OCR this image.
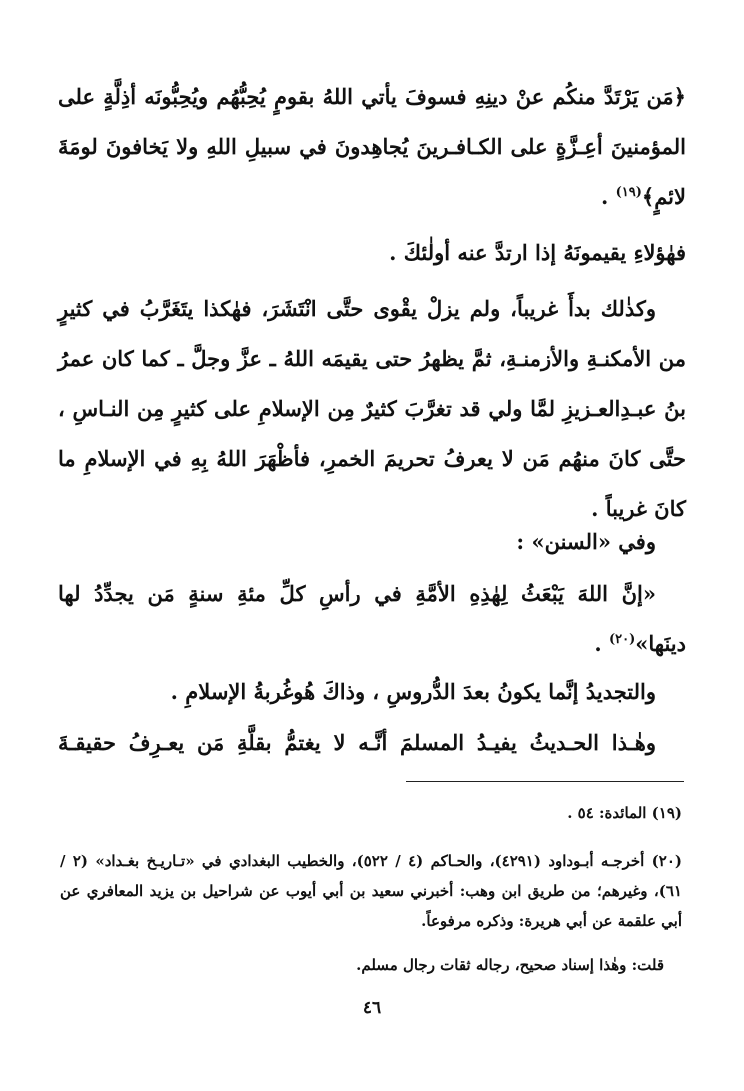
﴿مَن يَرْتَدَّ منكُم عنْ دينِهِ فسوفَ يأتي اللهُ بقومٍ يُحِبُّهُم ويُحِبُّونَه أذِلَّةٍ على المؤمنينَ أعِـزَّةٍ على الكـافـرينَ يُجاهِدونَ في سبيلِ اللهِ ولا يَخافونَ لومَةَ لائمٍ﴾$^{(١٩)}$ .
فهٰؤلاءِ يقيمونَهُ إذا ارتدَّ عنه أولٰئكَ .
وكذٰلك بدأَ غريباً، ولم يزلْ يقْوى حتَّى انْتَشَرَ، فهٰكذا يتَغَرَّبُ في كثيرٍ من الأمكنـةِ والأزمنـةِ، ثمَّ يظهرُ حتى يقيمَه اللهُ ـ عزَّ وجلَّ ـ كما كان عمرُ بنُ عبـدِالعـزيزِ لمَّا ولي قد تغرَّبَ كثيرٌ مِن الإسلامِ على كثيرٍ مِن النـاسِ ، حتَّى كانَ منهُم مَن لا يعرفُ تحريمَ الخمرِ، فأظْهَرَ اللهُ بِهِ في الإسلامِ ما كانَ غريباً .
وفي «السنن» :
«إنَّ اللهَ يَبْعَثُ لِهٰذِهِ الأمَّةِ في رأسِ كلِّ مئةِ سنةٍ مَن يجدِّدُ لها دينَها»$^{(٢٠)}$ .
والتجديدُ إنَّما يكونُ بعدَ الدُّروسِ ، وذاكَ هُوغُربةُ الإسلامِ .
وهٰـذا الحـديثُ يفيـدُ المسلمَ أنَّـه لا يغتمُّ بقلَّةِ مَن يعـرِفُ حقيقـةَ
(١٩) المائدة: ٥٤ .
(٢٠) أخرجـه أبـوداود (٤٢٩١)، والحـاكم (٤ / ٥٢٢)، والخطيب البغدادي في «تـاريـخ بغـداد» (٢ / ٦١)، وغيرهم؛ من طريق ابن وهب: أخبرني سعيد بن أبي أيوب عن شراحيل بن يزيد المعافري عن أبي علقمة عن أبي هريرة: وذكره مرفوعاً.
قلت: وهٰذا إسناد صحيح، رجاله ثقات رجال مسلم.
٤٦
